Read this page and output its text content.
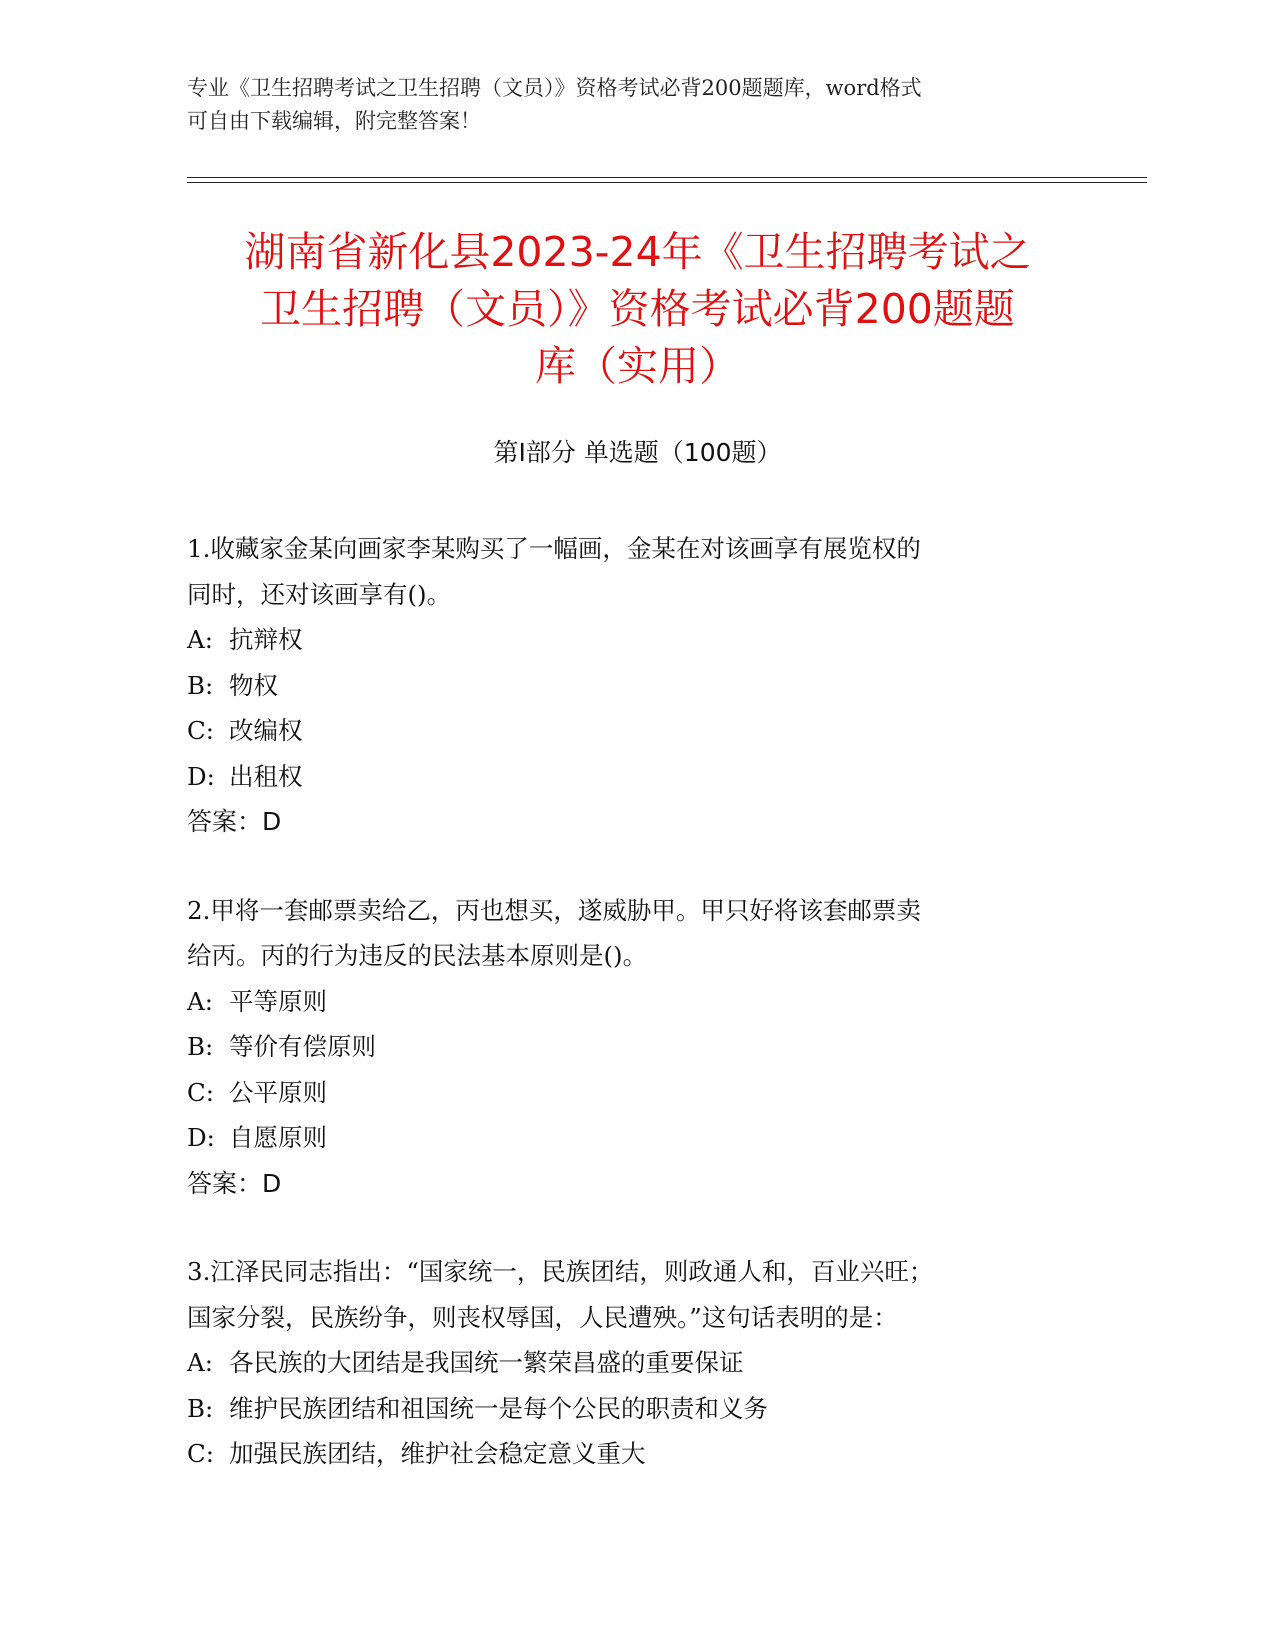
专业《卫生招聘考试之卫生招聘（文员）》资格考试必背200题题库，word格式
可自由下载编辑，附完整答案！
湖南省新化县2023-24年《卫生招聘考试之
卫生招聘（文员）》资格考试必背200题题
库（实用）
第Ⅰ部分 单选题（100题）
1.收藏家金某向画家李某购买了一幅画，金某在对该画享有展览权的
同时，还对该画享有()。
A: 抗辩权
B: 物权
C: 改编权
D: 出租权
答案：D
2.甲将一套邮票卖给乙，丙也想买，遂威胁甲。甲只好将该套邮票卖
给丙。丙的行为违反的民法基本原则是()。
A: 平等原则
B: 等价有偿原则
C: 公平原则
D: 自愿原则
答案：D
3.江泽民同志指出：“国家统一，民族团结，则政通人和，百业兴旺；
国家分裂，民族纷争，则丧权辱国，人民遭殃。”这句话表明的是：
A: 各民族的大团结是我国统一繁荣昌盛的重要保证
B: 维护民族团结和祖国统一是每个公民的职责和义务
C: 加强民族团结，维护社会稳定意义重大
